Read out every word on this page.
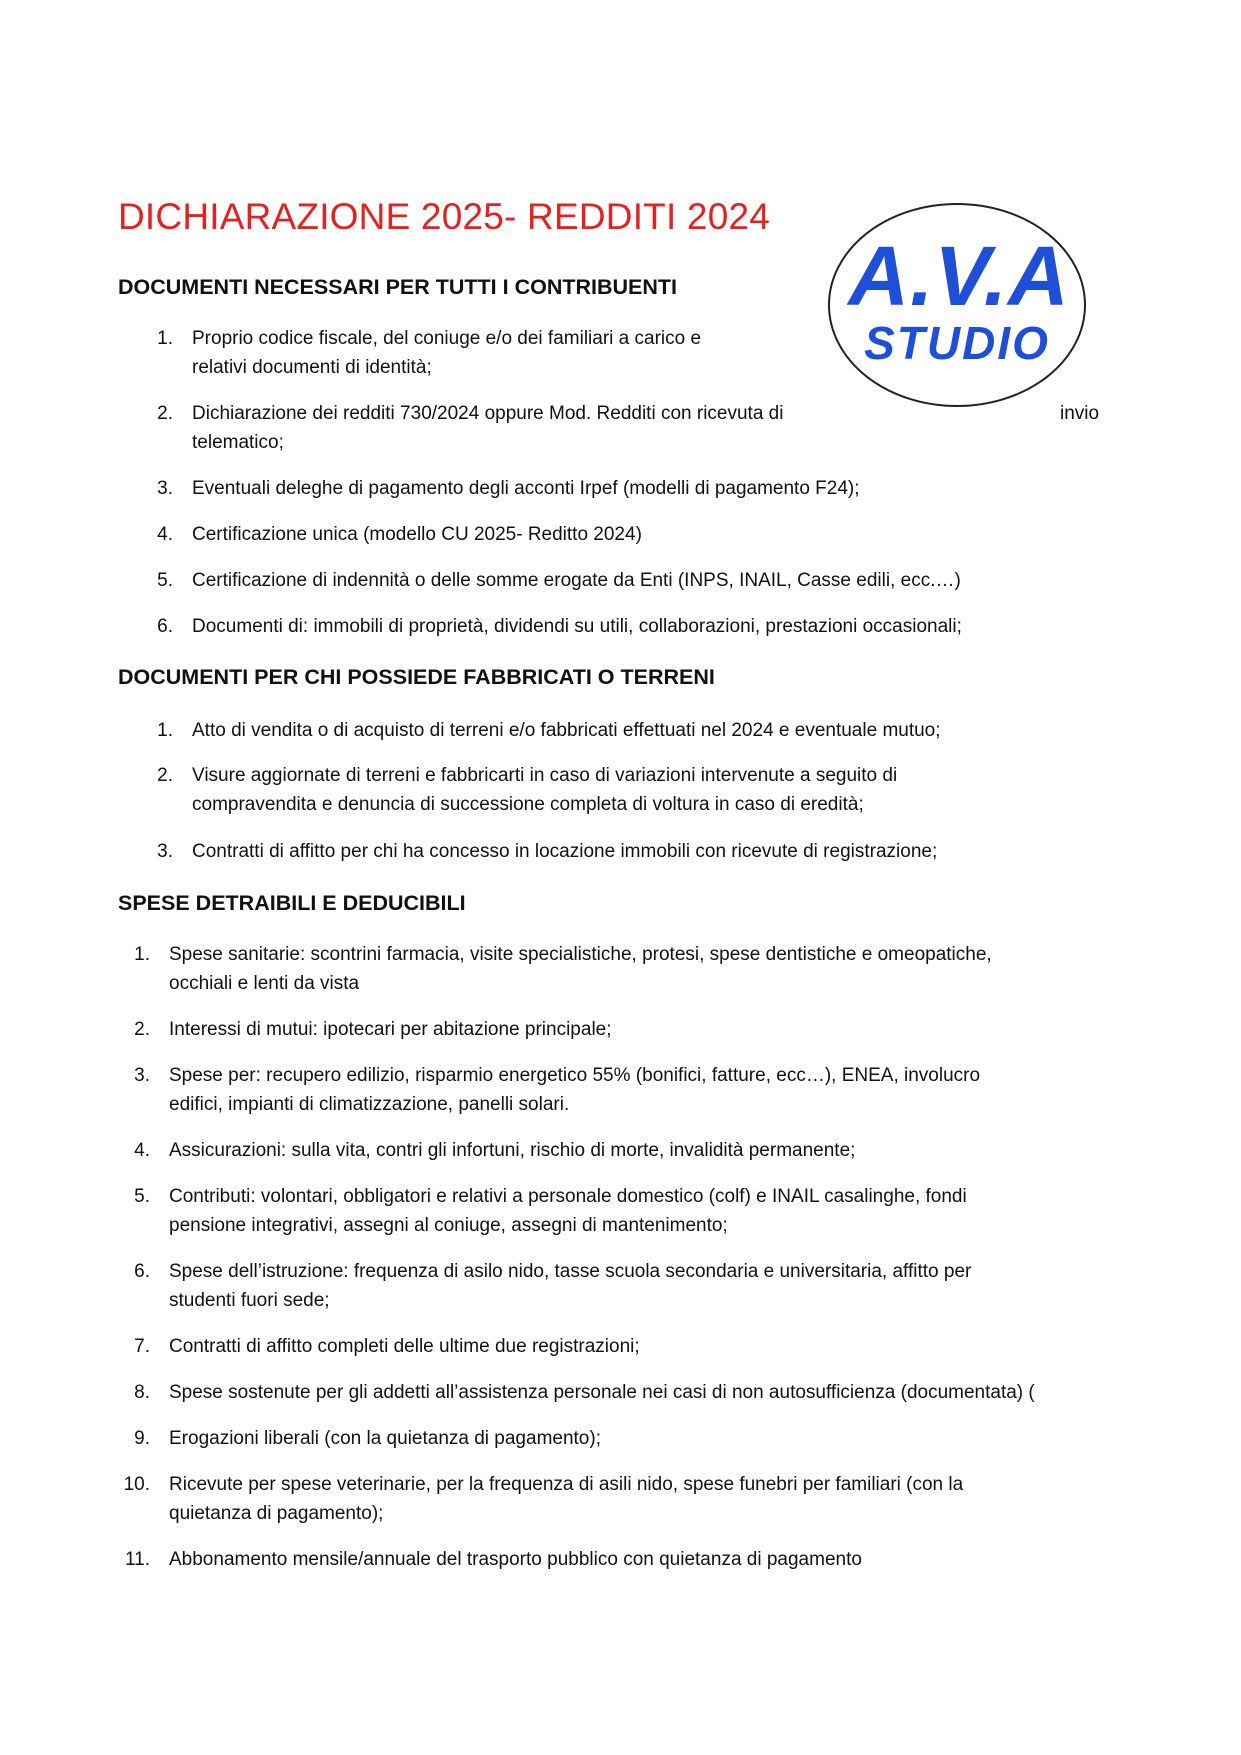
DICHIARAZIONE 2025- REDDITI 2024
A.V.A
STUDIO
DOCUMENTI NECESSARI PER TUTTI I CONTRIBUENTI
1. Proprio codice fiscale, del coniuge e/o dei familiari a carico e
relativi documenti di identità;
2. Dichiarazione dei redditi 730/2024 oppure Mod. Redditi con ricevuta di	invio
telematico;
3. Eventuali deleghe di pagamento degli acconti Irpef (modelli di pagamento F24);
4. Certificazione unica (modello CU 2025- Reditto 2024)
5. Certificazione di indennità o delle somme erogate da Enti (INPS, INAIL, Casse edili, ecc.…)
6. Documenti di: immobili di proprietà, dividendi su utili, collaborazioni, prestazioni occasionali;
DOCUMENTI PER CHI POSSIEDE FABBRICATI O TERRENI
1. Atto di vendita o di acquisto di terreni e/o fabbricati effettuati nel 2024 e eventuale mutuo;
2. Visure aggiornate di terreni e fabbricarti in caso di variazioni intervenute a seguito di
compravendita e denuncia di successione completa di voltura in caso di eredità;
3. Contratti di affitto per chi ha concesso in locazione immobili con ricevute di registrazione;
SPESE DETRAIBILI E DEDUCIBILI
1. Spese sanitarie: scontrini farmacia, visite specialistiche, protesi, spese dentistiche e omeopatiche,
occhiali e lenti da vista
2. Interessi di mutui: ipotecari per abitazione principale;
3. Spese per: recupero edilizio, risparmio energetico 55% (bonifici, fatture, ecc…), ENEA, involucro
edifici, impianti di climatizzazione, panelli solari.
4. Assicurazioni: sulla vita, contri gli infortuni, rischio di morte, invalidità permanente;
5. Contributi: volontari, obbligatori e relativi a personale domestico (colf) e INAIL casalinghe, fondi
pensione integrativi, assegni al coniuge, assegni di mantenimento;
6. Spese dell’istruzione: frequenza di asilo nido, tasse scuola secondaria e universitaria, affitto per
studenti fuori sede;
7. Contratti di affitto completi delle ultime due registrazioni;
8. Spese sostenute per gli addetti all’assistenza personale nei casi di non autosufficienza (documentata) (
9. Erogazioni liberali (con la quietanza di pagamento);
10. Ricevute per spese veterinarie, per la frequenza di asili nido, spese funebri per familiari (con la
quietanza di pagamento);
11. Abbonamento mensile/annuale del trasporto pubblico con quietanza di pagamento
